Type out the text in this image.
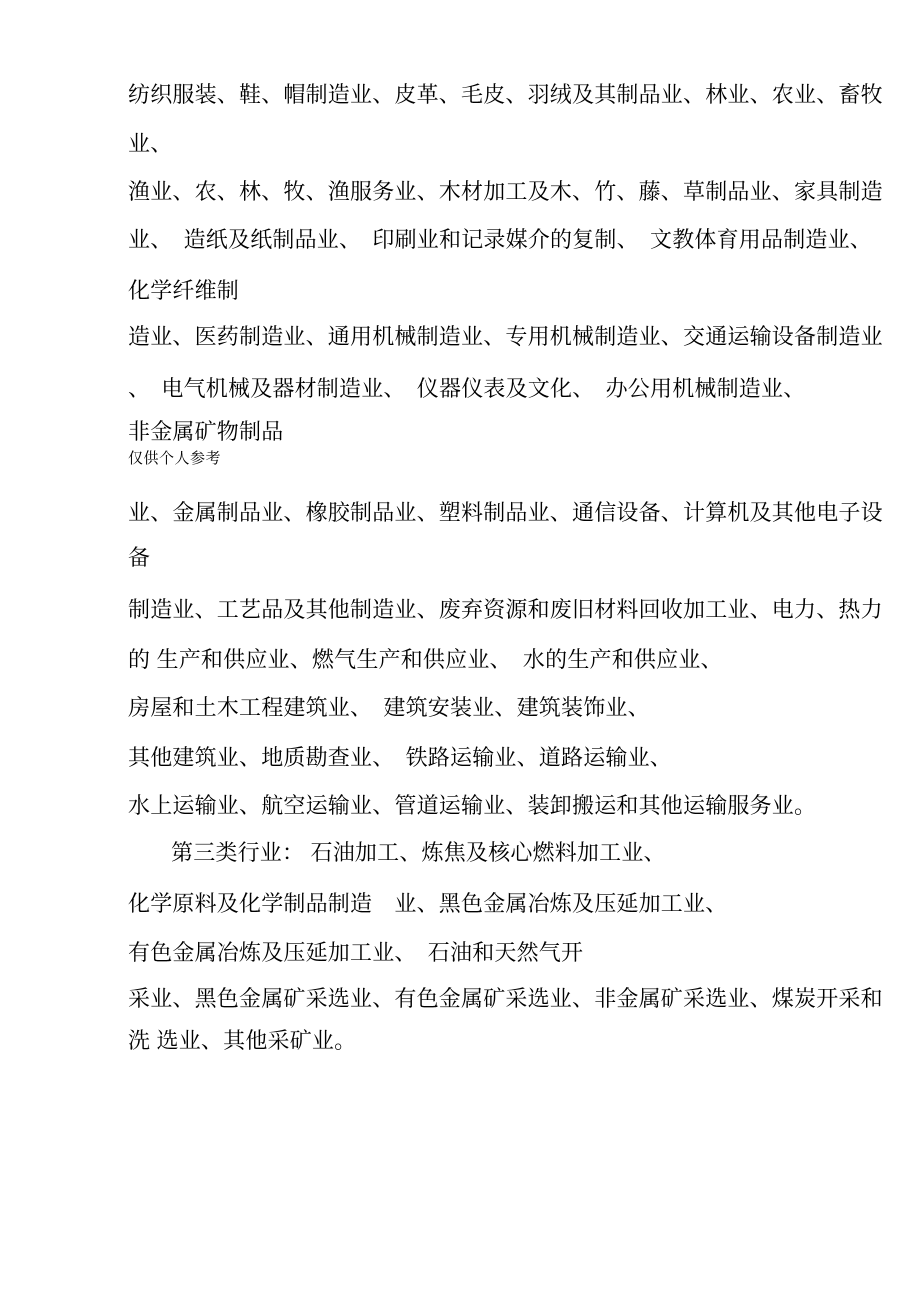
纺织服装、鞋、帽制造业、皮革、毛皮、羽绒及其制品业、林业、农业、畜牧
业、
渔业、农、林、牧、渔服务业、木材加工及木、竹、藤、草制品业、家具制造
业、　造纸及纸制品业、　印刷业和记录媒介的复制、　文教体育用品制造业、
化学纤维制
造业、医药制造业、通用机械制造业、专用机械制造业、交通运输设备制造业
、　电气机械及器材制造业、　仪器仪表及文化、　办公用机械制造业、
非金属矿物制品
仅供个人参考
业、金属制品业、橡胶制品业、塑料制品业、通信设备、计算机及其他电子设
备
制造业、工艺品及其他制造业、废弃资源和废旧材料回收加工业、电力、热力
的 生产和供应业、燃气生产和供应业、　水的生产和供应业、
房屋和土木工程建筑业、　建筑安装业、建筑装饰业、
其他建筑业、地质勘查业、　铁路运输业、道路运输业、
水上运输业、航空运输业、管道运输业、装卸搬运和其他运输服务业。
第三类行业： 石油加工、炼焦及核心燃料加工业、
化学原料及化学制品制造　业、黑色金属冶炼及压延加工业、
有色金属冶炼及压延加工业、　石油和天然气开
采业、黑色金属矿采选业、有色金属矿采选业、非金属矿采选业、煤炭开采和
洗 选业、其他采矿业。
